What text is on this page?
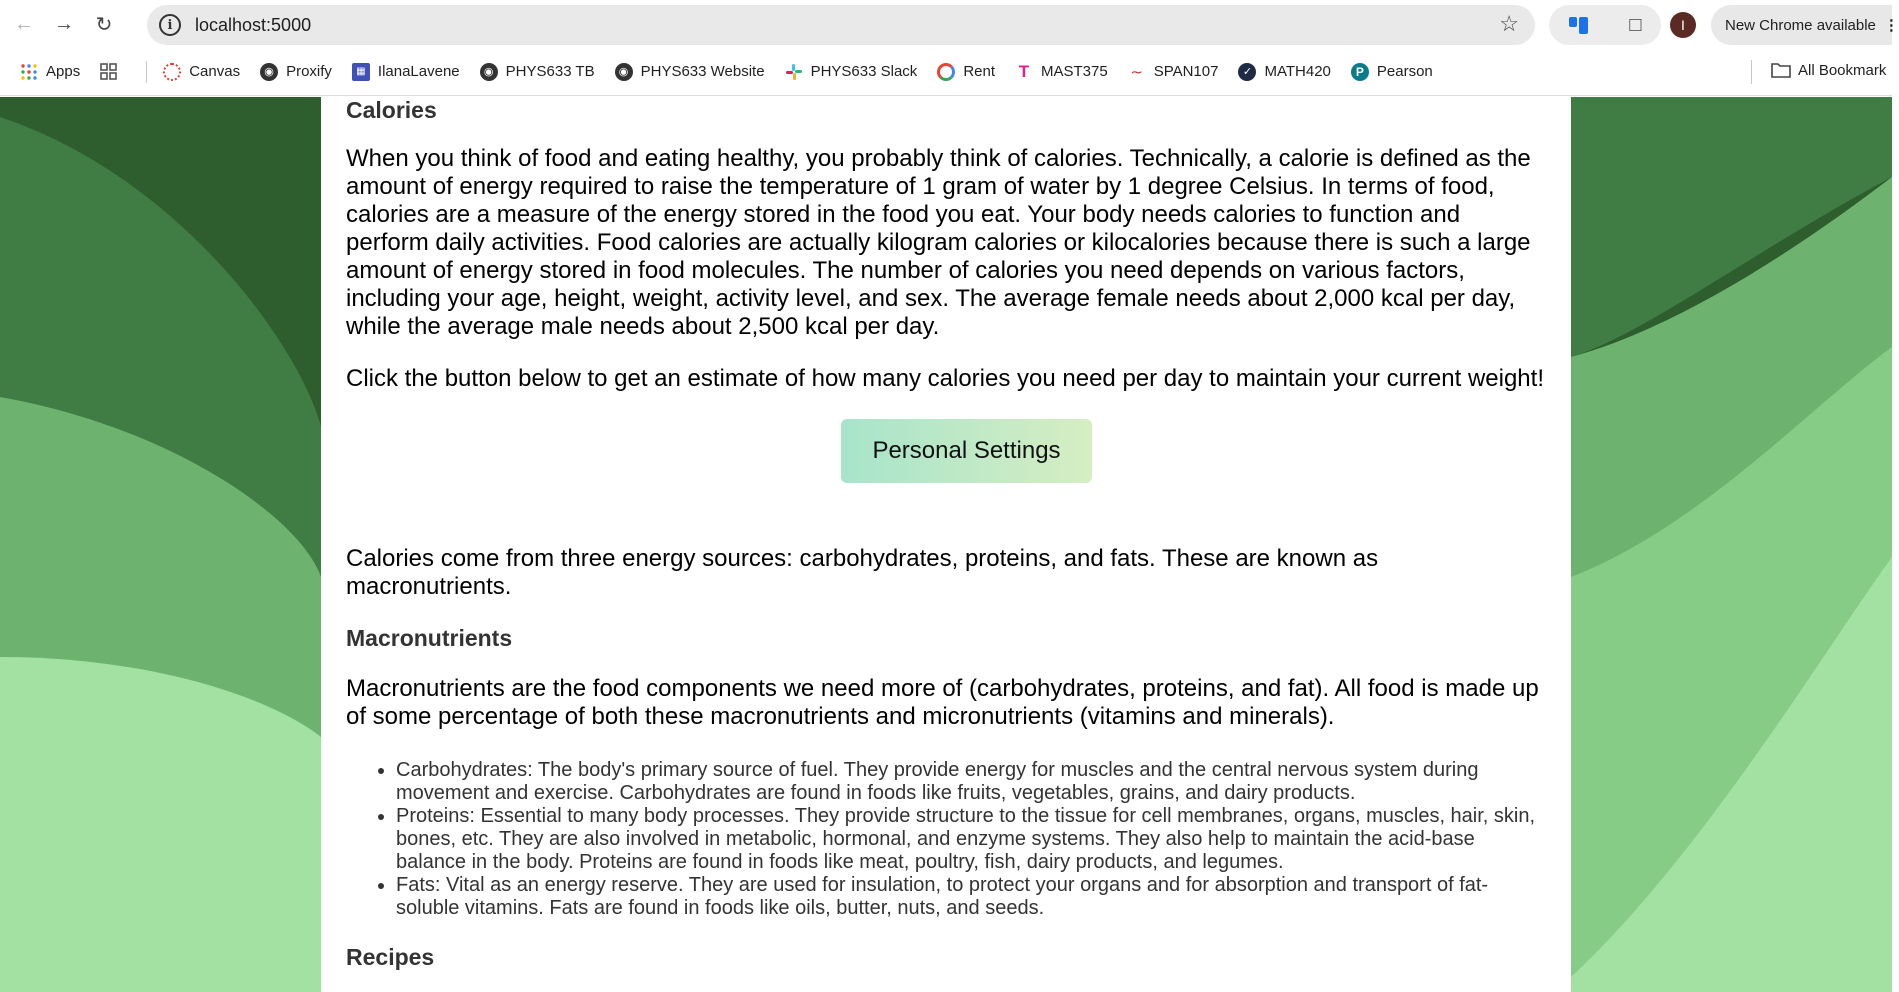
←	→	↻	i	localhost:5000	☆	□	I	New Chrome available ⋮
Apps	Canvas	◉ Proxify	▦ IlanaLavene	◉ PHYS633 TB	◉ PHYS633 Website	PHYS633 Slack	Rent T MAST375 ∼ SPAN107	✓ MATH420	P Pearson	All Bookmark
Calories

When you think of food and eating healthy, you probably think of calories. Technically, a calorie is defined as the amount of energy required to raise the temperature of 1 gram of water by 1 degree Celsius. In terms of food, calories are a measure of the energy stored in the food you eat. Your body needs calories to function and perform daily activities. Food calories are actually kilogram calories or kilocalories because there is such a large amount of energy stored in food molecules. The number of calories you need depends on various factors, including your age, height, weight, activity level, and sex. The average female needs about 2,000 kcal per day, while the average male needs about 2,500 kcal per day.

Click the button below to get an estimate of how many calories you need per day to maintain your current weight!

Personal Settings

Calories come from three energy sources: carbohydrates, proteins, and fats. These are known as macronutrients.

Macronutrients

Macronutrients are the food components we need more of (carbohydrates, proteins, and fat). All food is made up of some percentage of both these macronutrients and micronutrients (vitamins and minerals).

• Carbohydrates: The body's primary source of fuel. They provide energy for muscles and the central nervous system during movement and exercise. Carbohydrates are found in foods like fruits, vegetables, grains, and dairy products.
• Proteins: Essential to many body processes. They provide structure to the tissue for cell membranes, organs, muscles, hair, skin, bones, etc. They are also involved in metabolic, hormonal, and enzyme systems. They also help to maintain the acid-base balance in the body. Proteins are found in foods like meat, poultry, fish, dairy products, and legumes.
• Fats: Vital as an energy reserve. They are used for insulation, to protect your organs and for absorption and transport of fat-soluble vitamins. Fats are found in foods like oils, butter, nuts, and seeds.
Recipes
